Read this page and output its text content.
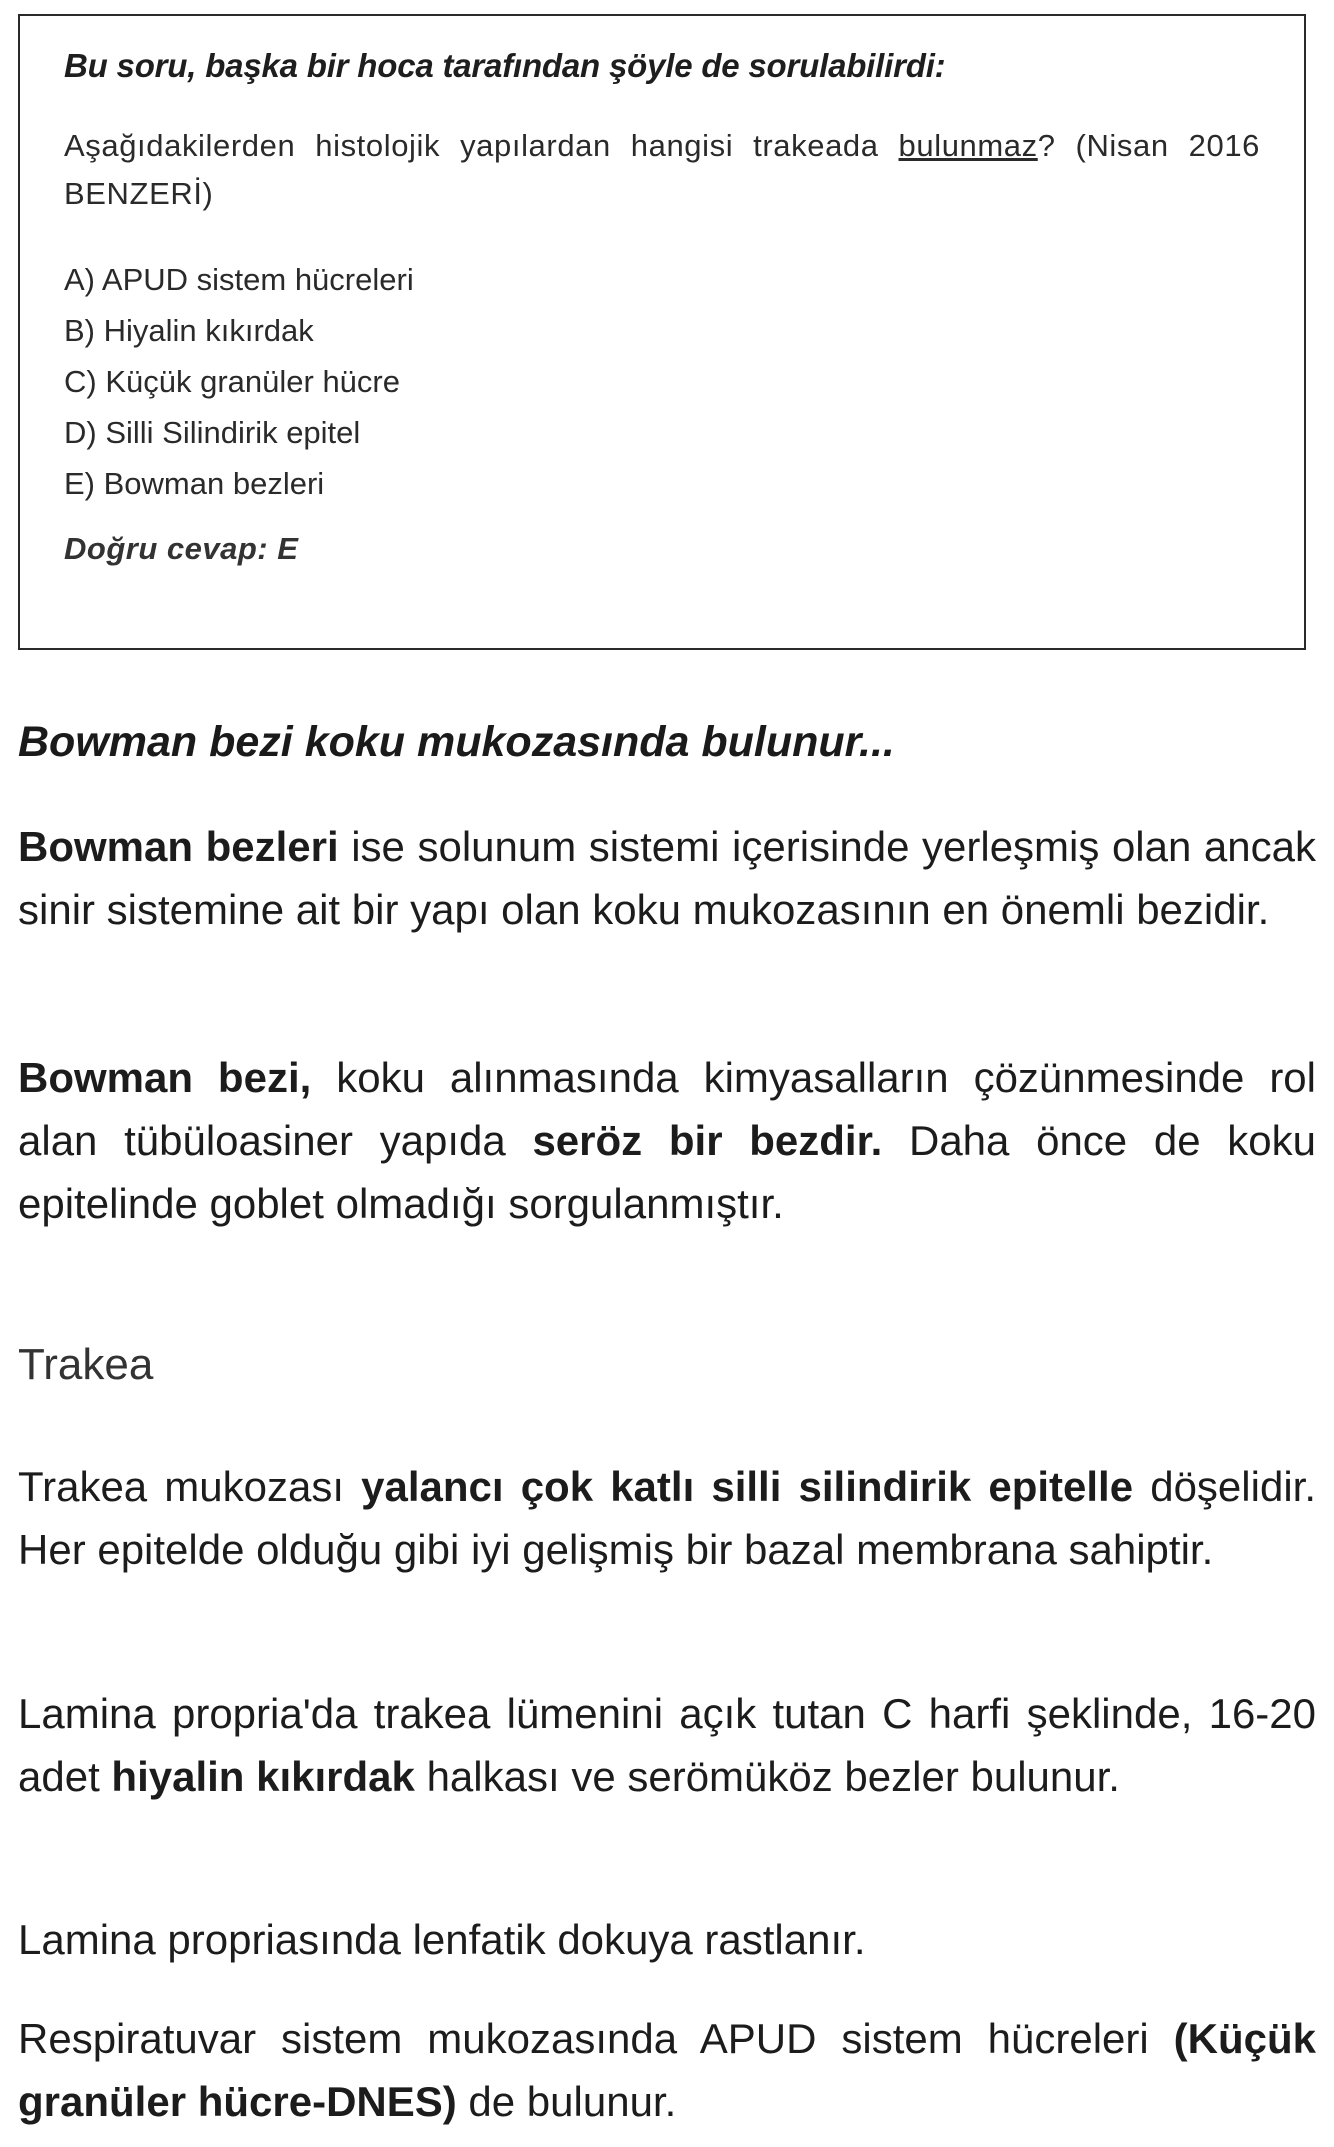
Bu soru, başka bir hoca tarafından şöyle de sorulabilirdi:

Aşağıdakilerden histolojik yapılardan hangisi trakeada bulunmaz? (Nisan 2016 BENZERİ)
A) APUD sistem hücreleri
B) Hiyalin kıkırdak
C) Küçük granüler hücre
D) Silli Silindirik epitel
E) Bowman bezleri
Doğru cevap: E
Bowman bezi koku mukozasında bulunur...

Bowman bezleri ise solunum sistemi içerisinde yerleşmiş olan ancak sinir sistemine ait bir yapı olan koku mukozasının en önemli bezidir.

Bowman bezi, koku alınmasında kimyasalların çözünmesinde rol alan tübüloasiner yapıda seröz bir bezdir. Daha önce de koku epitelinde goblet olmadığı sorgulanmıştır.

Trakea

Trakea mukozası yalancı çok katlı silli silindirik epitelle döşelidir. Her epitelde olduğu gibi iyi gelişmiş bir bazal membrana sahiptir.

Lamina propria'da trakea lümenini açık tutan C harfi şeklinde, 16-20 adet hiyalin kıkırdak halkası ve serömüköz bezler bulunur.

Lamina propriasında lenfatik dokuya rastlanır.

Respiratuvar sistem mukozasında APUD sistem hücreleri (Küçük granüler hücre-DNES) de bulunur.
